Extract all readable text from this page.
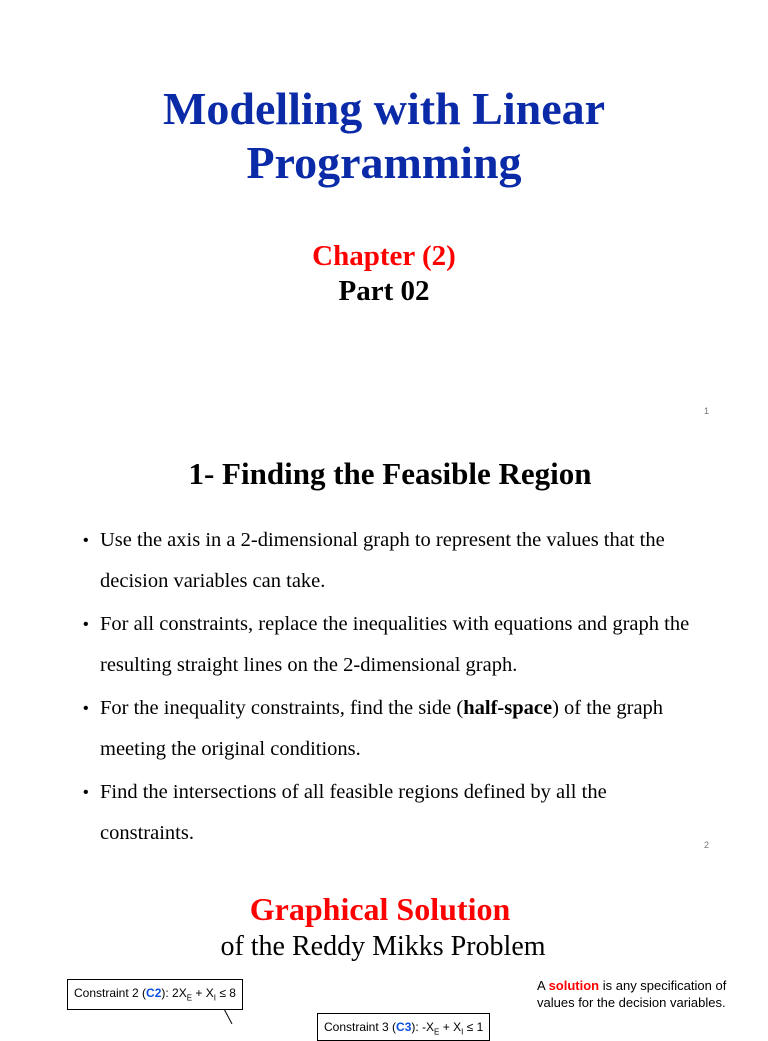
Modelling with Linear
Programming
Chapter (2)
Part 02
1
1- Finding the Feasible Region
• Use the axis in a 2-dimensional graph to represent the values that the decision variables can take.
• For all constraints, replace the inequalities with equations and graph the resulting straight lines on the 2-dimensional graph.
• For the inequality constraints, find the side (half-space) of the graph meeting the original conditions.
• Find the intersections of all feasible regions defined by all the constraints.
2
Graphical Solution
of the Reddy Mikks Problem
Constraint 2 (C2): $2X_E + X_I \le 8$
Constraint 3 (C3): $-X_E + X_I \le 1$
A solution is any specification of values for the decision variables.
